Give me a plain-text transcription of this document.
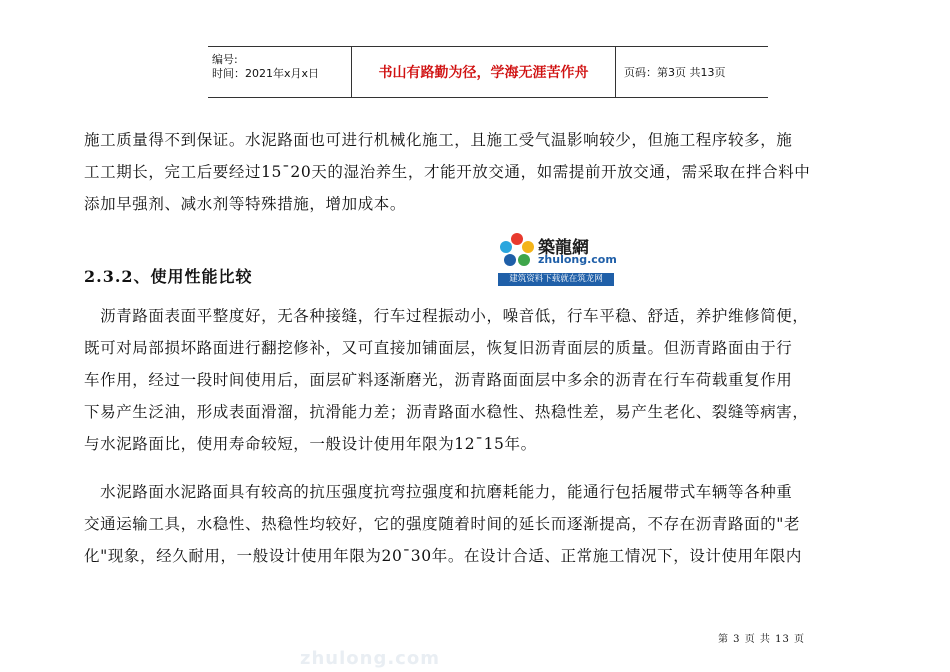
编号:
时间：2021年x月x日	书山有路勤为径，学海无涯苦作舟	页码：第3页 共13页
施工质量得不到保证。水泥路面也可进行机械化施工，且施工受气温影响较少，但施工程序较多，施
工工期长，完工后要经过15¯20天的湿治养生，才能开放交通，如需提前开放交通，需采取在拌合料中
添加早强剂、减水剂等特殊措施，增加成本。
築龍網
zhulong.com
建筑资料下载就在筑龙网
2.3.2、使用性能比较
　沥青路面表面平整度好，无各种接缝，行车过程振动小，噪音低，行车平稳、舒适，养护维修简便，
既可对局部损坏路面进行翻挖修补，又可直接加铺面层，恢复旧沥青面层的质量。但沥青路面由于行
车作用，经过一段时间使用后，面层矿料逐渐磨光，沥青路面面层中多余的沥青在行车荷载重复作用
下易产生泛油，形成表面滑溜，抗滑能力差；沥青路面水稳性、热稳性差，易产生老化、裂缝等病害，
与水泥路面比，使用寿命较短，一般设计使用年限为12¯15年。
　水泥路面水泥路面具有较高的抗压强度抗弯拉强度和抗磨耗能力，能通行包括履带式车辆等各种重
交通运输工具，水稳性、热稳性均较好，它的强度随着时间的延长而逐渐提高，不存在沥青路面的"老
化"现象，经久耐用，一般设计使用年限为20¯30年。在设计合适、正常施工情况下，设计使用年限内
第 3 页 共 13 页
zhulong.com
